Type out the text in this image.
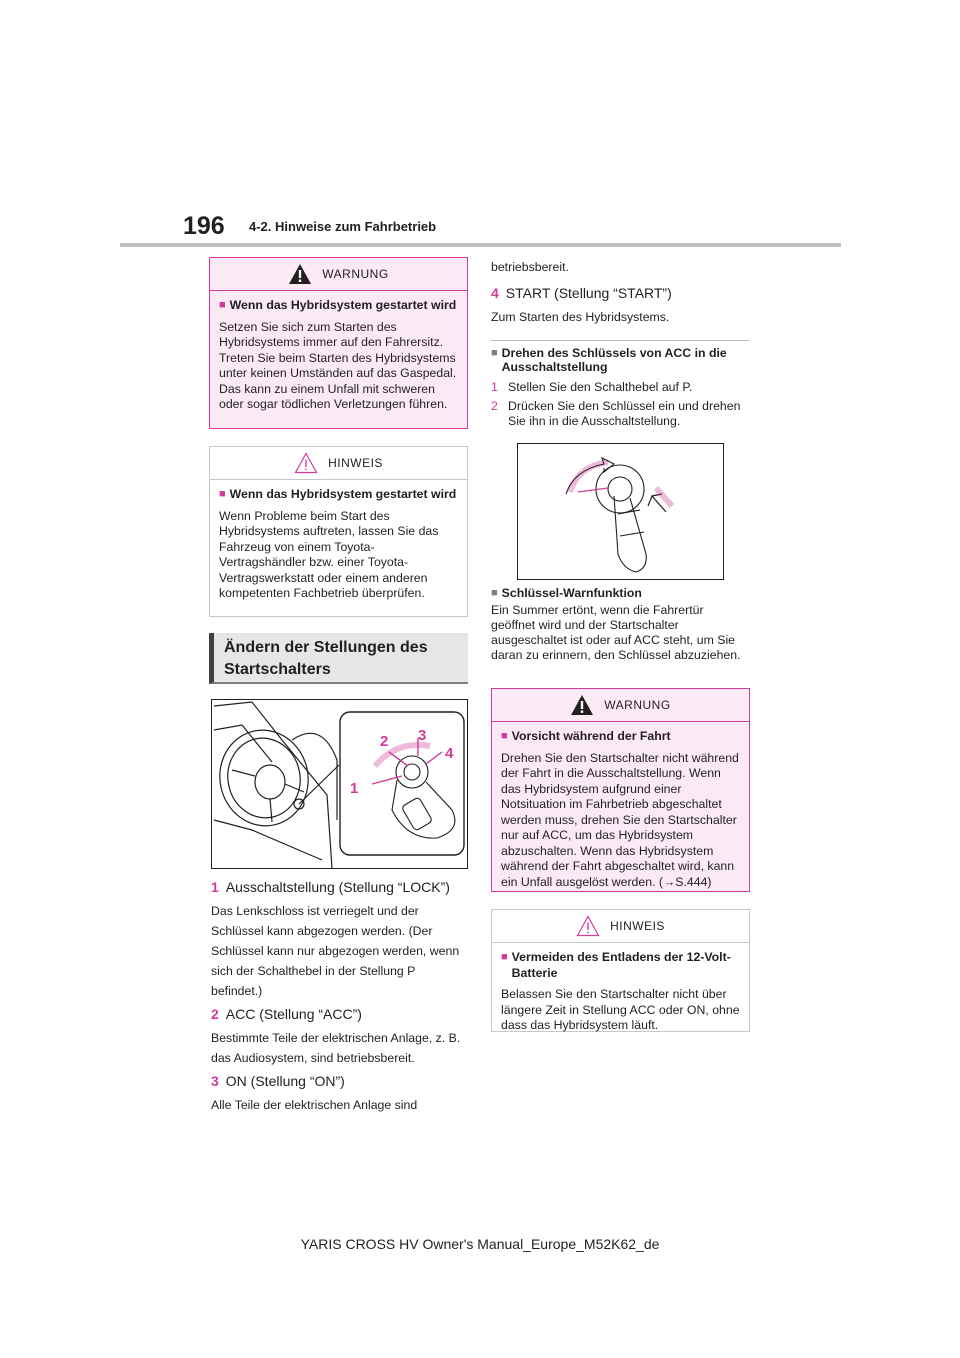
196 4-2. Hinweise zum Fahrbetrieb
WARNUNG
■ Wenn das Hybridsystem gestartet wird
Setzen Sie sich zum Starten des Hybridsystems immer auf den Fahrersitz. Treten Sie beim Starten des Hybridsystems unter keinen Umständen auf das Gaspedal. Das kann zu einem Unfall mit schweren oder sogar tödlichen Verletzungen führen.
HINWEIS
■ Wenn das Hybridsystem gestartet wird
Wenn Probleme beim Start des Hybridsystems auftreten, lassen Sie das Fahrzeug von einem Toyota-Vertragshändler bzw. einer Toyota-Vertragswerkstatt oder einem anderen kompetenten Fachbetrieb überprüfen.
Ändern der Stellungen des
Startschalters
1
2 3
4
1 Ausschaltstellung (Stellung “LOCK”)
Das Lenkschloss ist verriegelt und der Schlüssel kann abgezogen werden. (Der Schlüssel kann nur abgezogen werden, wenn sich der Schalthebel in der Stellung P befindet.)
2 ACC (Stellung “ACC”)
Bestimmte Teile der elektrischen Anlage, z. B. das Audiosystem, sind betriebsbereit.
3 ON (Stellung “ON”)
Alle Teile der elektrischen Anlage sind
betriebsbereit.
4 START (Stellung “START”)
Zum Starten des Hybridsystems.
■ Drehen des Schlüssels von ACC in die Ausschaltstellung
1 Stellen Sie den Schalthebel auf P.
2 Drücken Sie den Schlüssel ein und drehen Sie ihn in die Ausschaltstellung.
■ Schlüssel-Warnfunktion
Ein Summer ertönt, wenn die Fahrertür geöffnet wird und der Startschalter ausgeschaltet ist oder auf ACC steht, um Sie daran zu erinnern, den Schlüssel abzuziehen.
WARNUNG
■ Vorsicht während der Fahrt
Drehen Sie den Startschalter nicht während der Fahrt in die Ausschaltstellung. Wenn das Hybridsystem aufgrund einer Notsituation im Fahrbetrieb abgeschaltet werden muss, drehen Sie den Startschalter nur auf ACC, um das Hybridsystem abzuschalten. Wenn das Hybridsystem während der Fahrt abgeschaltet wird, kann ein Unfall ausgelöst werden. (→S.444)
HINWEIS
■ Vermeiden des Entladens der 12-Volt-Batterie
Belassen Sie den Startschalter nicht über längere Zeit in Stellung ACC oder ON, ohne dass das Hybridsystem läuft.
YARIS CROSS HV Owner's Manual_Europe_M52K62_de
